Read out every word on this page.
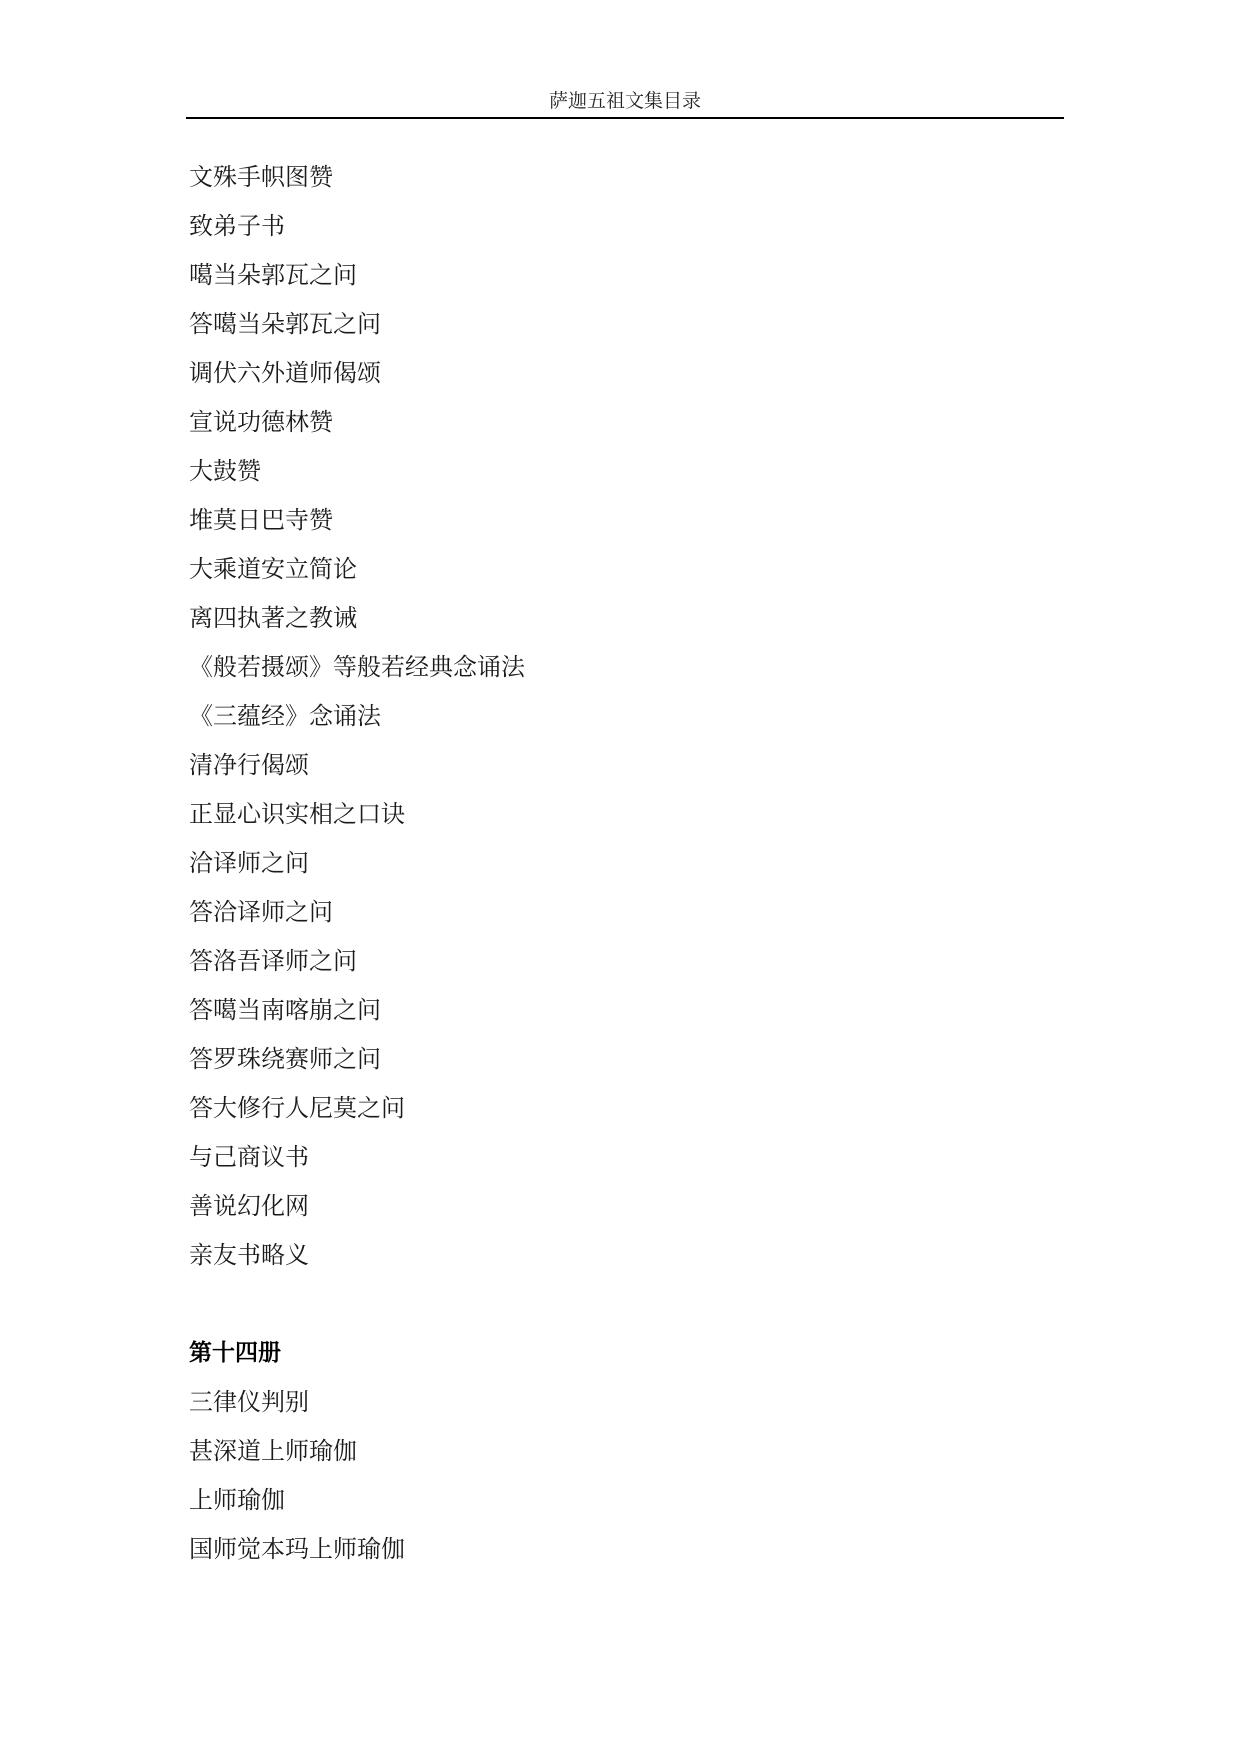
萨迦五祖文集目录
文殊手帜图赞
致弟子书
噶当朵郭瓦之问
答噶当朵郭瓦之问
调伏六外道师偈颂
宣说功德林赞
大鼓赞
堆莫日巴寺赞
大乘道安立简论
离四执著之教诫
《般若摄颂》等般若经典念诵法
《三蕴经》念诵法
清净行偈颂
正显心识实相之口诀
洽译师之问
答洽译师之问
答洛吾译师之问
答噶当南喀崩之问
答罗珠绕赛师之问
答大修行人尼莫之问
与己商议书
善说幻化网
亲友书略义
第十四册
三律仪判别
甚深道上师瑜伽
上师瑜伽
国师觉本玛上师瑜伽
